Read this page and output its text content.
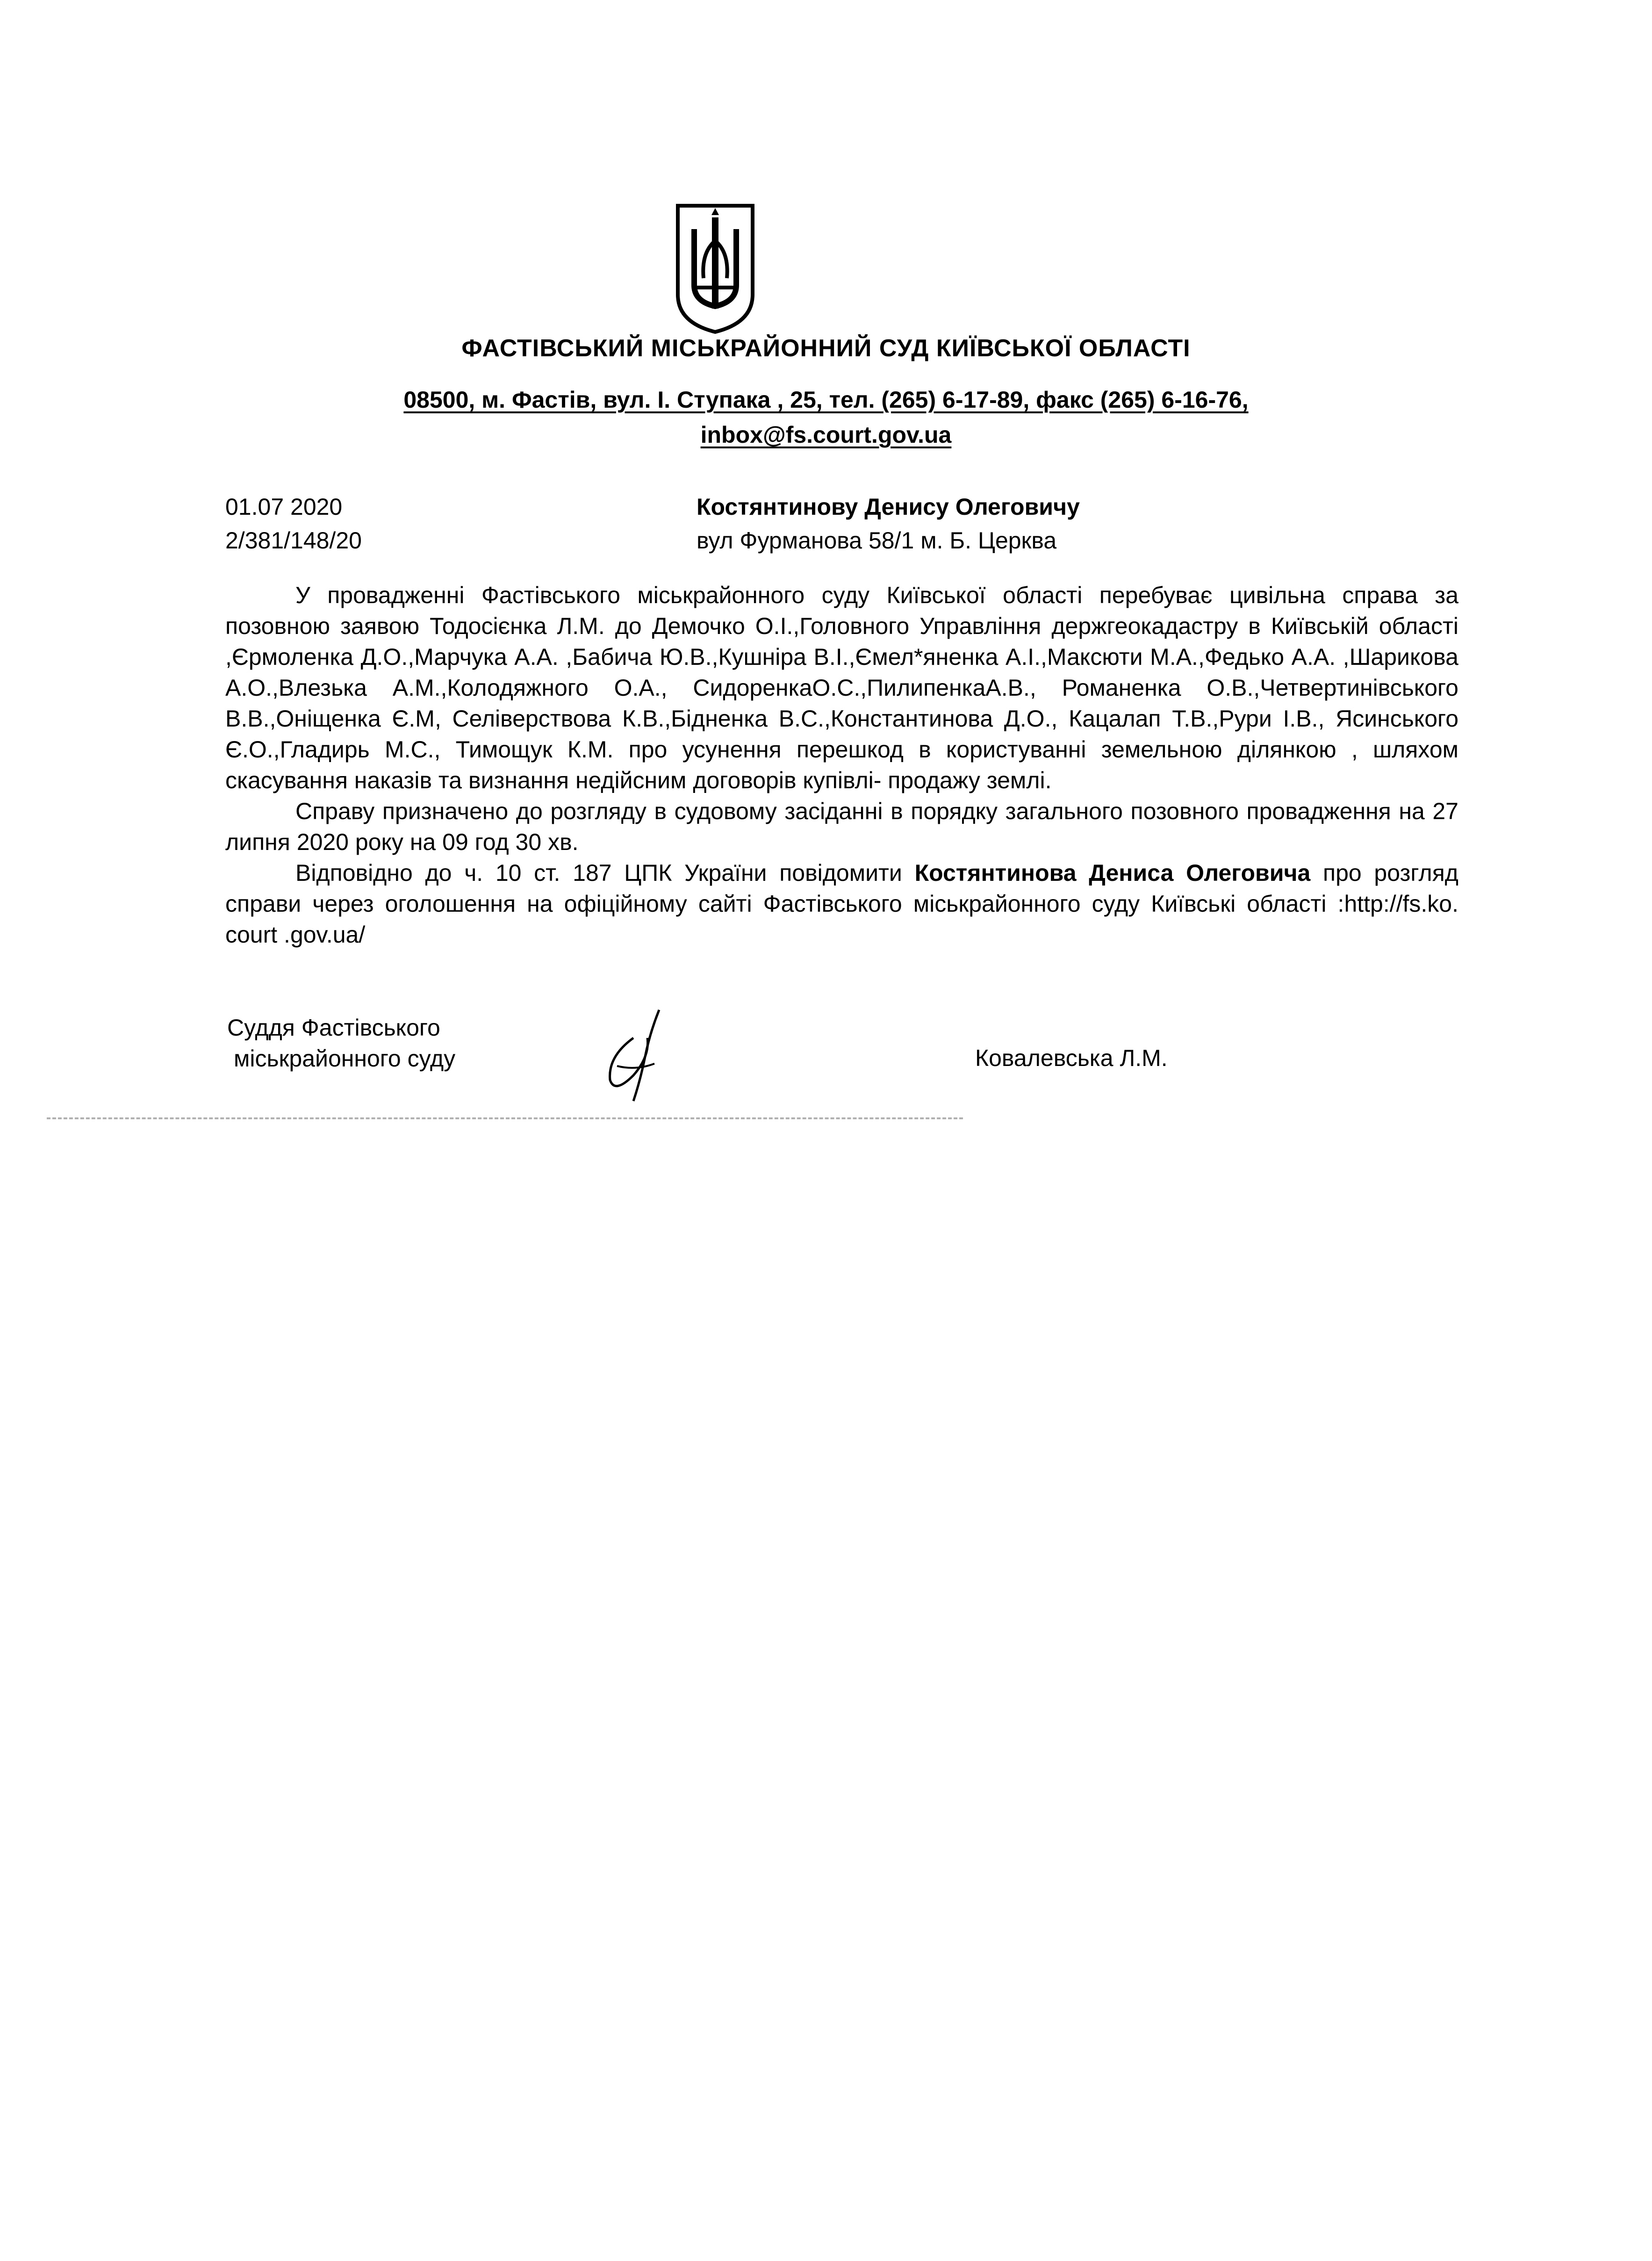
ФАСТІВСЬКИЙ МІСЬКРАЙОННИЙ СУД КИЇВСЬКОЇ ОБЛАСТІ
08500, м. Фастів, вул. І. Ступака , 25, тел. (265) 6-17-89, факс (265) 6-16-76,
inbox@fs.court.gov.ua
01.07 2020
2/381/148/20
Костянтинову Денису Олеговичу
вул Фурманова 58/1 м. Б. Церква

У провадженні Фастівського міськрайонного суду Київської області перебуває цивільна справа за позовною заявою Тодосієнка Л.М. до Демочко О.І.,Головного Управління держгеокадастру в Київській області ,Єрмоленка Д.О.,Марчука А.А. ,Бабича Ю.В.,Кушніра В.І.,Ємел*яненка А.І.,Максюти М.А.,Федько А.А. ,Шарикова А.О.,Влезька А.М.,Колодяжного О.А., СидоренкаО.С.,ПилипенкаА.В., Романенка О.В.,Четвертинівського В.В.,Оніщенка Є.М, Селіверствова К.В.,Бідненка В.С.,Константинова Д.О., Кацалап Т.В.,Рури І.В., Ясинського Є.О.,Гладирь М.С., Тимощук К.М. про усунення перешкод в користуванні земельною ділянкою , шляхом скасування наказів та визнання недійсним договорів купівлі- продажу землі.

Справу призначено до розгляду в судовому засіданні в порядку загального позовного провадження на 27 липня 2020 року на 09 год 30 хв.

Відповідно до ч. 10 ст. 187 ЦПК України повідомити Костянтинова Дениса Олеговича про розгляд справи через оголошення на офіційному сайті Фастівського міськрайонного суду Київські області :http://fs.ko. court .gov.ua/

Суддя Фастівського
міськрайонного суду	Ковалевська Л.М.
